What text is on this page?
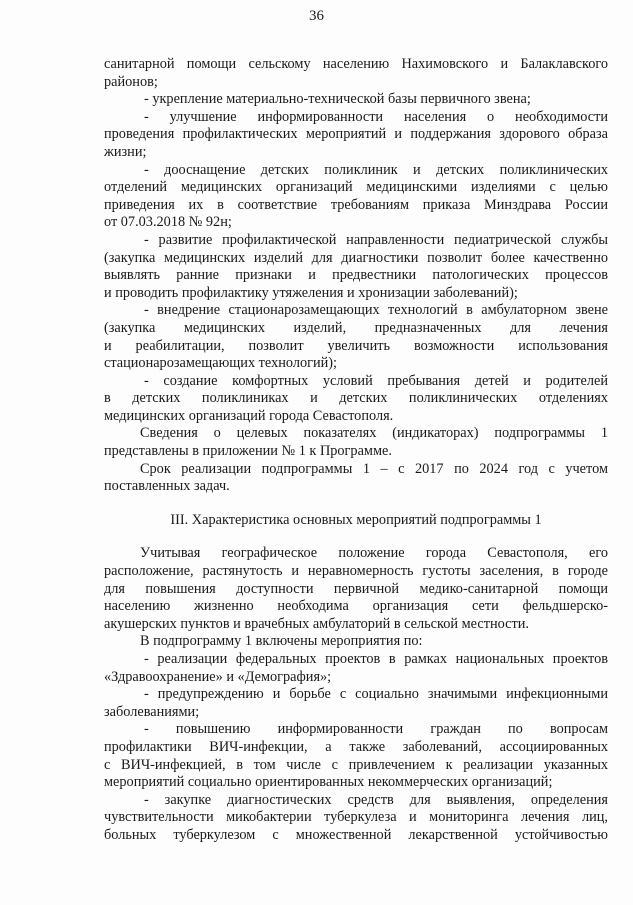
36
санитарной помощи сельскому населению Нахимовского и Балаклавского
районов;
- укрепление материально-технической базы первичного звена;
- улучшение информированности населения о необходимости
проведения профилактических мероприятий и поддержания здорового образа
жизни;
- дооснащение детских поликлиник и детских поликлинических
отделений медицинских организаций медицинскими изделиями с целью
приведения их в соответствие требованиям приказа Минздрава России
от 07.03.2018 № 92н;
- развитие профилактической направленности педиатрической службы
(закупка медицинских изделий для диагностики позволит более качественно
выявлять ранние признаки и предвестники патологических процессов
и проводить профилактику утяжеления и хронизации заболеваний);
- внедрение стационарозамещающих технологий в амбулаторном звене
(закупка медицинских изделий, предназначенных для лечения
и реабилитации, позволит увеличить возможности использования
стационарозамещающих технологий);
- создание комфортных условий пребывания детей и родителей
в детских поликлиниках и детских поликлинических отделениях
медицинских организаций города Севастополя.
Сведения о целевых показателях (индикаторах) подпрограммы 1
представлены в приложении № 1 к Программе.
Срок реализации подпрограммы 1 – с 2017 по 2024 год с учетом
поставленных задач.
III. Характеристика основных мероприятий подпрограммы 1
Учитывая географическое положение города Севастополя, его
расположение, растянутость и неравномерность густоты заселения, в городе
для повышения доступности первичной медико-санитарной помощи
населению жизненно необходима организация сети фельдшерско-
акушерских пунктов и врачебных амбулаторий в сельской местности.
В подпрограмму 1 включены мероприятия по:
- реализации федеральных проектов в рамках национальных проектов
«Здравоохранение» и «Демография»;
- предупреждению и борьбе с социально значимыми инфекционными
заболеваниями;
- повышению информированности граждан по вопросам
профилактики ВИЧ-инфекции, а также заболеваний, ассоциированных
с ВИЧ-инфекцией, в том числе с привлечением к реализации указанных
мероприятий социально ориентированных некоммерческих организаций;
- закупке диагностических средств для выявления, определения
чувствительности микобактерии туберкулеза и мониторинга лечения лиц,
больных туберкулезом с множественной лекарственной устойчивостью
